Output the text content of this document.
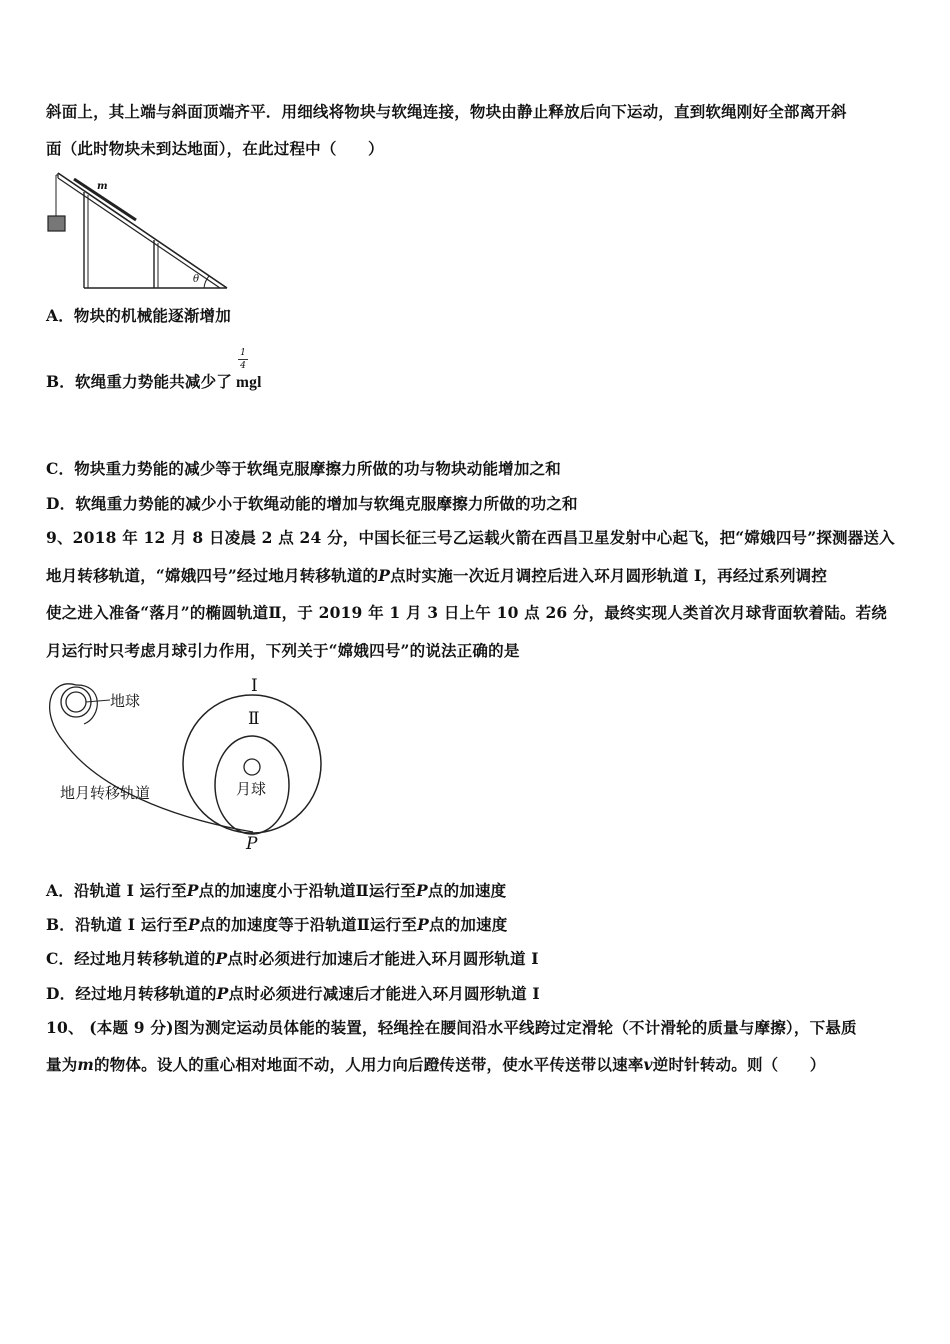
斜面上，其上端与斜面顶端齐平．用细线将物块与软绳连接，物块由静止释放后向下运动，直到软绳刚好全部离开斜
面（此时物块未到达地面），在此过程中（　　）
m
θ
A．物块的机械能逐渐增加
B．软绳重力势能共减少了 mgl
1
4
C．物块重力势能的减少等于软绳克服摩擦力所做的功与物块动能增加之和
D．软绳重力势能的减少小于软绳动能的增加与软绳克服摩擦力所做的功之和
9、2018 年 12 月 8 日凌晨 2 点 24 分，中国长征三号乙运载火箭在西昌卫星发射中心起飞，把“嫦娥四号”探测器送入
地月转移轨道，“嫦娥四号”经过地月转移轨道的P点时实施一次近月调控后进入环月圆形轨道 I，再经过系列调控
使之进入准备“落月”的椭圆轨道Ⅱ，于 2019 年 1 月 3 日上午 10 点 26 分，最终实现人类首次月球背面软着陆。若绕
月运行时只考虑月球引力作用，下列关于“嫦娥四号”的说法正确的是
地球
地月转移轨道	月球
Ⅰ
Ⅱ
P
A．沿轨道 I 运行至P点的加速度小于沿轨道Ⅱ运行至P点的加速度
B．沿轨道 I 运行至P点的加速度等于沿轨道Ⅱ运行至P点的加速度
C．经过地月转移轨道的P点时必须进行加速后才能进入环月圆形轨道 I
D．经过地月转移轨道的P点时必须进行减速后才能进入环月圆形轨道 I
10、 (本题 9 分)图为测定运动员体能的装置，轻绳拴在腰间沿水平线跨过定滑轮（不计滑轮的质量与摩擦），下悬质
量为m的物体。设人的重心相对地面不动，人用力向后蹬传送带，使水平传送带以速率v逆时针转动。则（　　）
